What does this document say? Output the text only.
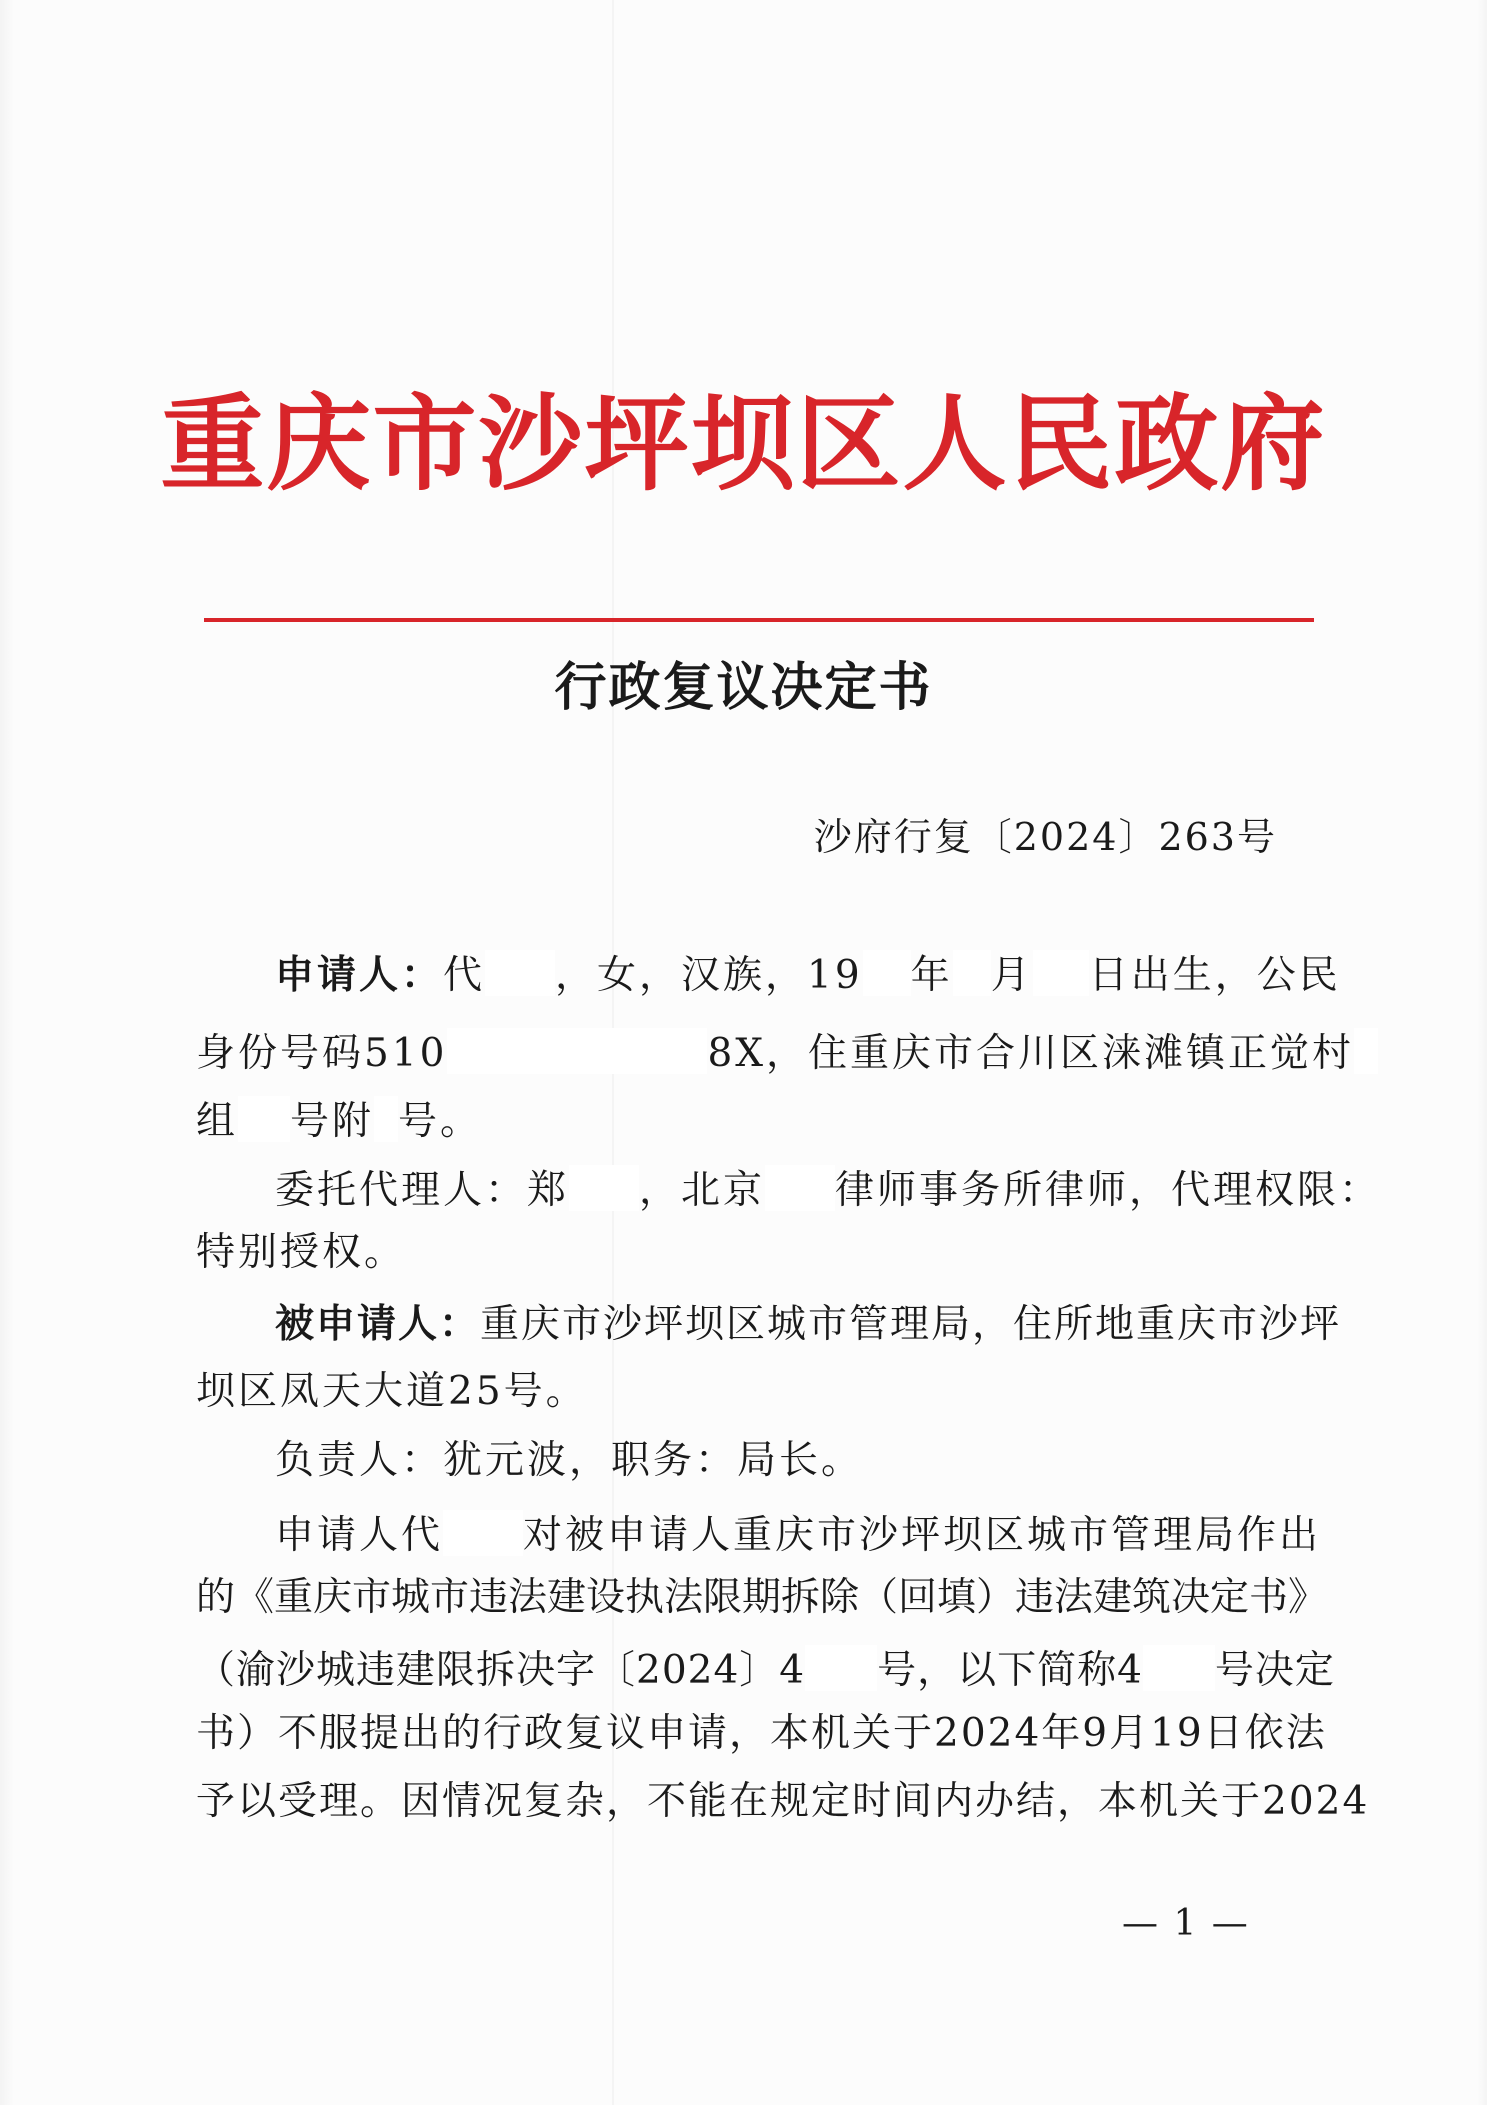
重庆市沙坪坝区人民政府
行政复议决定书
沙府行复〔2024〕263号
申请人：代 ，女，汉族，19 年 月 日出生，公民
身份号码510	8X，住重庆市合川区涞滩镇正觉村
组 号附 号。
委托代理人：郑 ，北京 律师事务所律师，代理权限：
特别授权。
被申请人：重庆市沙坪坝区城市管理局，住所地重庆市沙坪
坝区凤天大道25号。
负责人：犹元波，职务：局长。
申请人代 对被申请人重庆市沙坪坝区城市管理局作出
的《重庆市城市违法建设执法限期拆除（回填）违法建筑决定书》
（渝沙城违建限拆决字〔2024〕4 号，以下简称4 号决定
书）不服提出的行政复议申请，本机关于2024年9月19日依法
予以受理。因情况复杂，不能在规定时间内办结，本机关于2024
— 1 —
